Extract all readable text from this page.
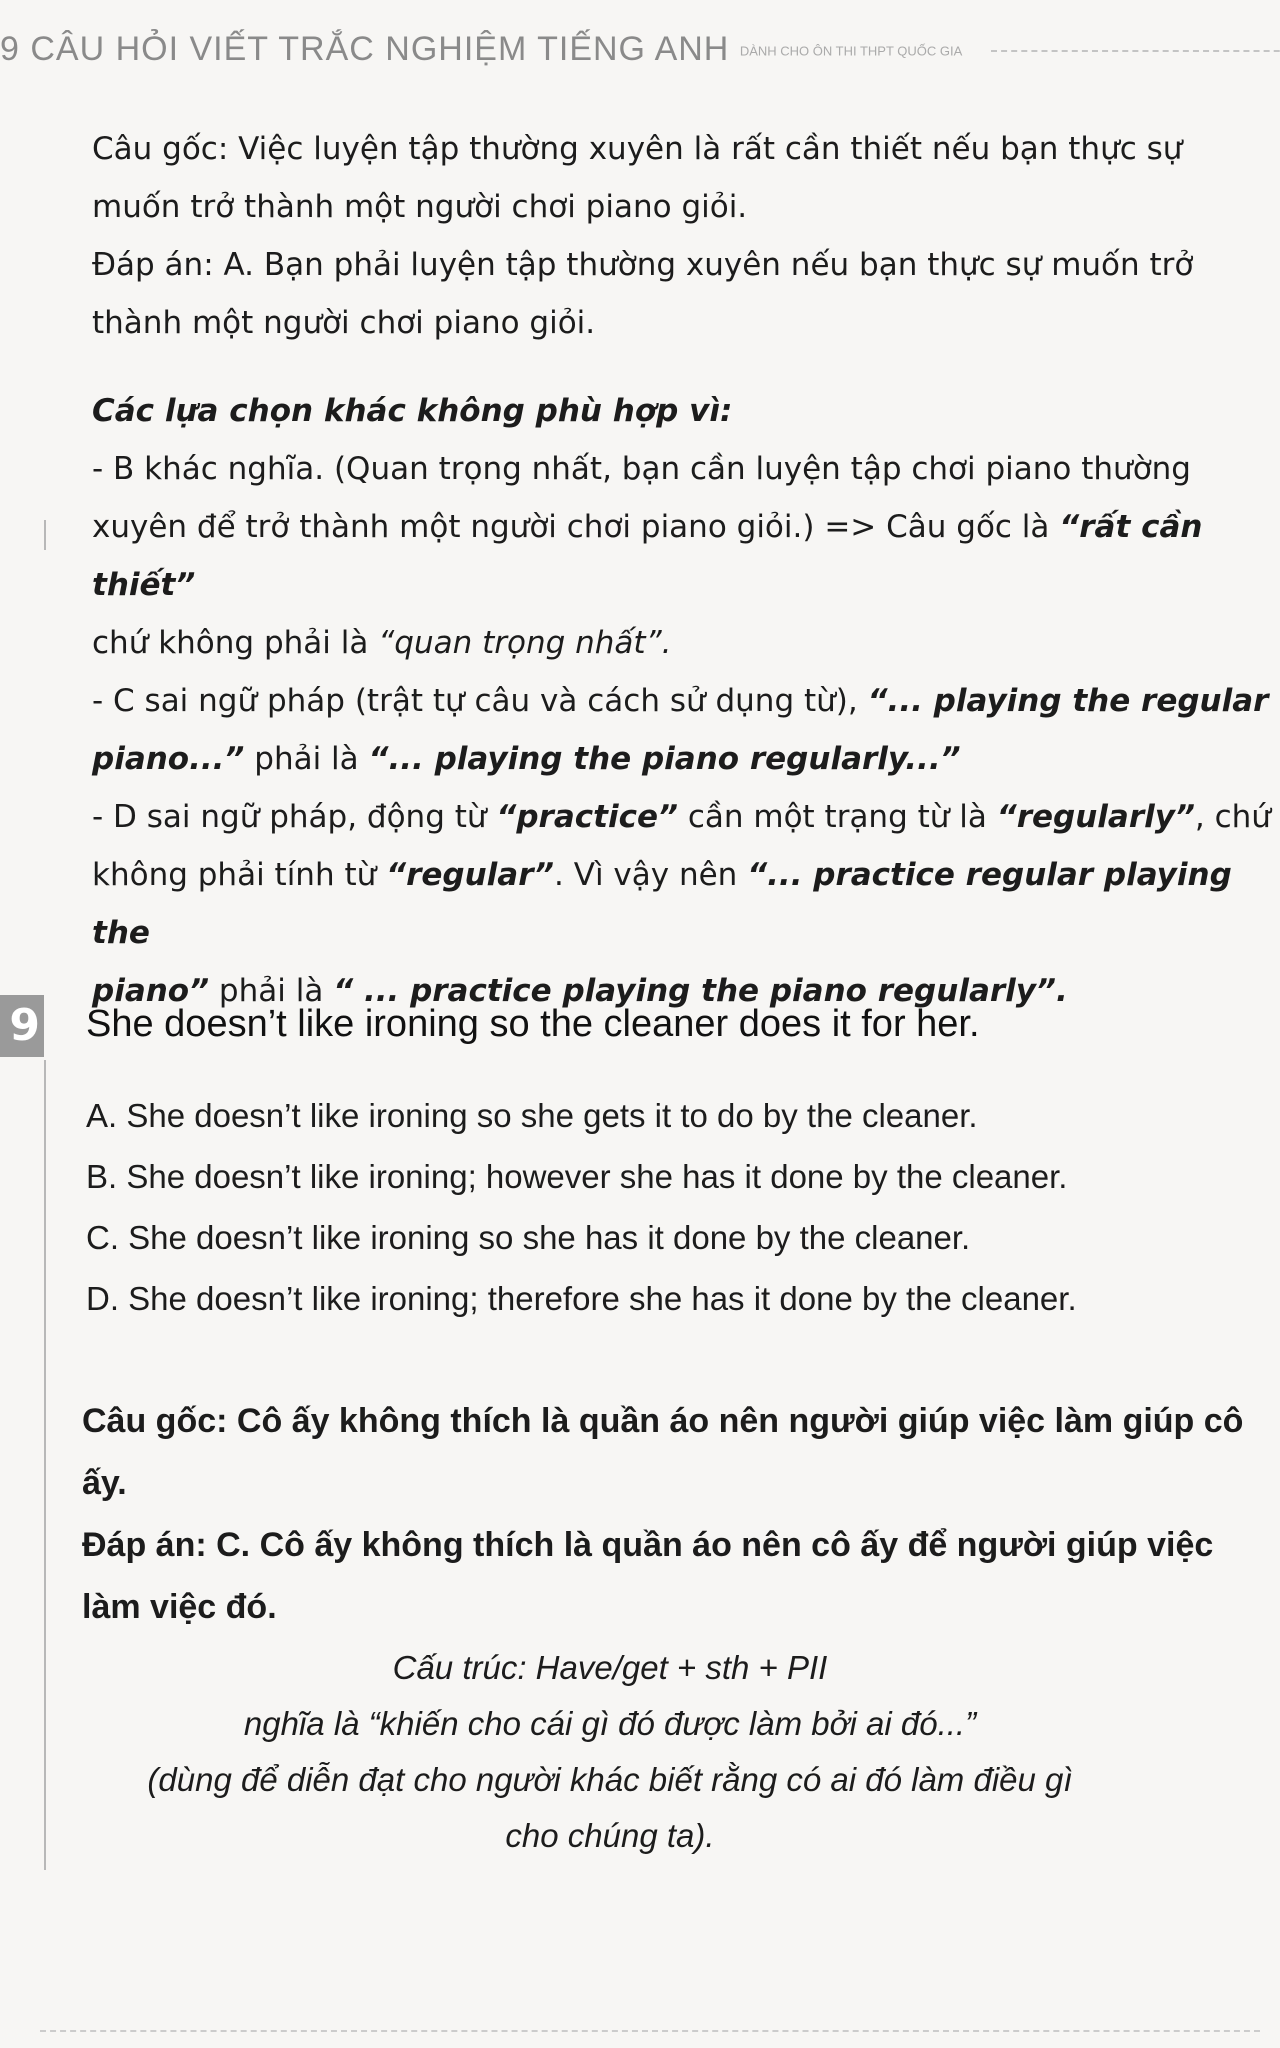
9 CÂU HỎI VIẾT TRẮC NGHIỆM TIẾNG ANH DÀNH CHO ÔN THI THPT QUỐC GIA

Câu gốc: Việc luyện tập thường xuyên là rất cần thiết nếu bạn thực sự

muốn trở thành một người chơi piano giỏi.

Đáp án: A. Bạn phải luyện tập thường xuyên nếu bạn thực sự muốn trở

thành một người chơi piano giỏi.

Các lựa chọn khác không phù hợp vì:

- B khác nghĩa. (Quan trọng nhất, bạn cần luyện tập chơi piano thường

xuyên để trở thành một người chơi piano giỏi.) => Câu gốc là “rất cần thiết”

chứ không phải là “quan trọng nhất”.

- C sai ngữ pháp (trật tự câu và cách sử dụng từ), “... playing the regular

piano...” phải là “... playing the piano regularly...”

- D sai ngữ pháp, động từ “practice” cần một trạng từ là “regularly”, chứ

không phải tính từ “regular”. Vì vậy nên “... practice regular playing the

piano” phải là “ ... practice playing the piano regularly”.

9 She doesn’t like ironing so the cleaner does it for her.

A. She doesn’t like ironing so she gets it to do by the cleaner.

B. She doesn’t like ironing; however she has it done by the cleaner.

C. She doesn’t like ironing so she has it done by the cleaner.

D. She doesn’t like ironing; therefore she has it done by the cleaner.

Câu gốc: Cô ấy không thích là quần áo nên người giúp việc làm giúp cô ấy.

Đáp án: C. Cô ấy không thích là quần áo nên cô ấy để người giúp việc

làm việc đó.

Cấu trúc: Have/get + sth + PII

nghĩa là “khiến cho cái gì đó được làm bởi ai đó...”

(dùng để diễn đạt cho người khác biết rằng có ai đó làm điều gì

cho chúng ta).
